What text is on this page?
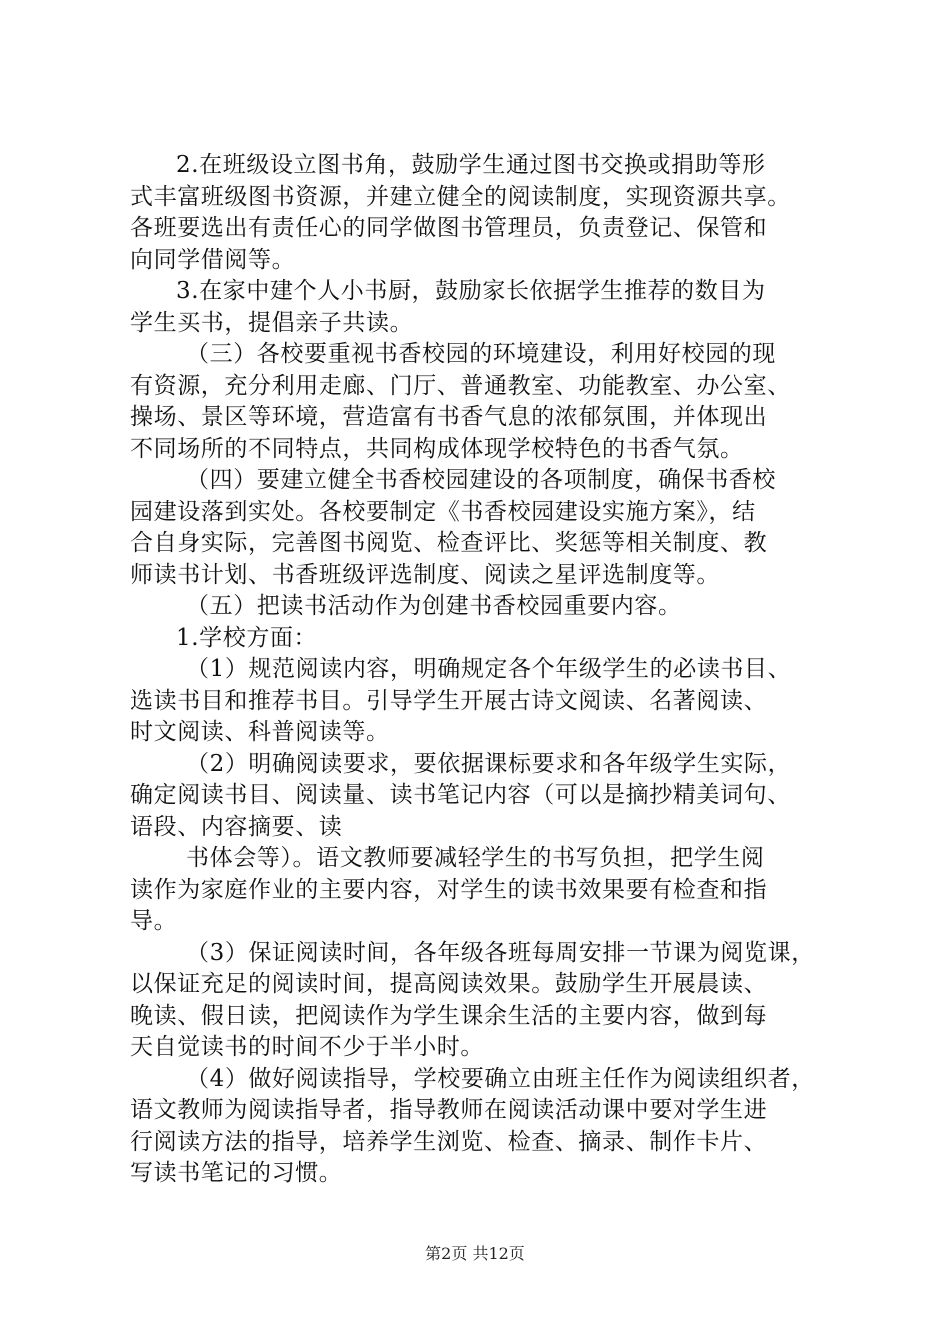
2.在班级设立图书角，鼓励学生通过图书交换或捐助等形
式丰富班级图书资源，并建立健全的阅读制度，实现资源共享。
各班要选出有责任心的同学做图书管理员，负责登记、保管和
向同学借阅等。
3.在家中建个人小书厨，鼓励家长依据学生推荐的数目为
学生买书，提倡亲子共读。
（三）各校要重视书香校园的环境建设，利用好校园的现
有资源，充分利用走廊、门厅、普通教室、功能教室、办公室、
操场、景区等环境，营造富有书香气息的浓郁氛围，并体现出
不同场所的不同特点，共同构成体现学校特色的书香气氛。
（四）要建立健全书香校园建设的各项制度，确保书香校
园建设落到实处。各校要制定《书香校园建设实施方案》，结
合自身实际，完善图书阅览、检查评比、奖惩等相关制度、教
师读书计划、书香班级评选制度、阅读之星评选制度等。
（五）把读书活动作为创建书香校园重要内容。
1.学校方面：
（1）规范阅读内容，明确规定各个年级学生的必读书目、
选读书目和推荐书目。引导学生开展古诗文阅读、名著阅读、
时文阅读、科普阅读等。
（2）明确阅读要求，要依据课标要求和各年级学生实际，
确定阅读书目、阅读量、读书笔记内容（可以是摘抄精美词句、
语段、内容摘要、读
书体会等）。语文教师要减轻学生的书写负担，把学生阅
读作为家庭作业的主要内容，对学生的读书效果要有检查和指
导。
（3）保证阅读时间，各年级各班每周安排一节课为阅览课，
以保证充足的阅读时间，提高阅读效果。鼓励学生开展晨读、
晚读、假日读，把阅读作为学生课余生活的主要内容，做到每
天自觉读书的时间不少于半小时。
（4）做好阅读指导，学校要确立由班主任作为阅读组织者，
语文教师为阅读指导者，指导教师在阅读活动课中要对学生进
行阅读方法的指导，培养学生浏览、检查、摘录、制作卡片、
写读书笔记的习惯。
第2页 共12页
